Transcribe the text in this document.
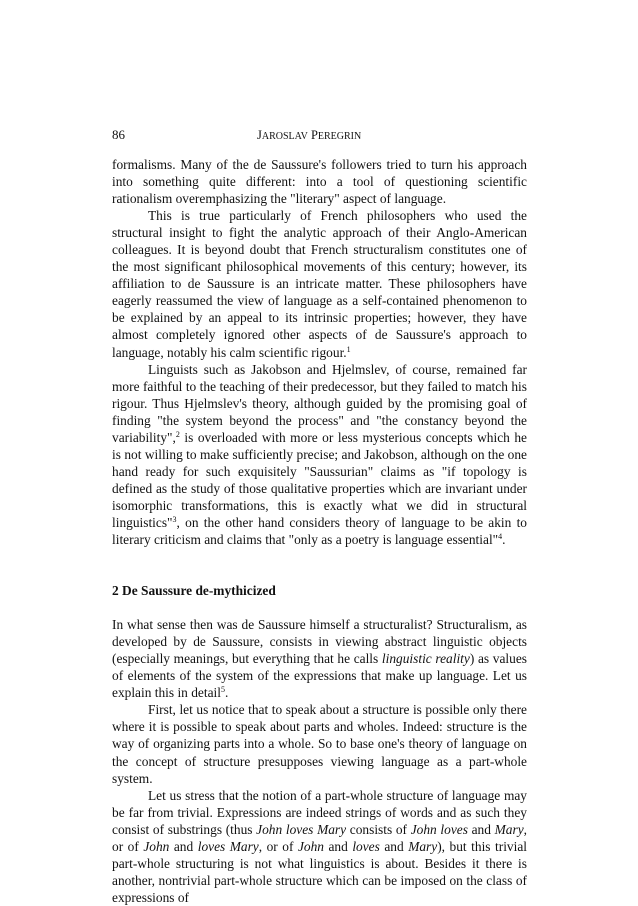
86	JAROSLAV PEREGRIN

formalisms. Many of the de Saussure's followers tried to turn his approach into something quite different: into a tool of questioning scientific rationalism overemphasizing the "literary" aspect of language.

This is true particularly of French philosophers who used the structural insight to fight the analytic approach of their Anglo-American colleagues. It is beyond doubt that French structuralism constitutes one of the most significant philosophical movements of this century; however, its affiliation to de Saussure is an intricate matter. These philosophers have eagerly reassumed the view of language as a self-contained phenomenon to be explained by an appeal to its intrinsic properties; however, they have almost completely ignored other aspects of de Saussure's approach to language, notably his calm scientific rigour.$^1$

Linguists such as Jakobson and Hjelmslev, of course, remained far more faithful to the teaching of their predecessor, but they failed to match his rigour. Thus Hjelmslev's theory, although guided by the promising goal of finding "the system beyond the process" and "the constancy beyond the variability",$^2$ is overloaded with more or less mysterious concepts which he is not willing to make sufficiently precise; and Jakobson, although on the one hand ready for such exquisitely "Saussurian" claims as "if topology is defined as the study of those qualitative properties which are invariant under isomorphic transformations, this is exactly what we did in structural linguistics"$^3$, on the other hand considers theory of language to be akin to literary criticism and claims that "only as a poetry is language essential"$^4$.

2 De Saussure de-mythicized

In what sense then was de Saussure himself a structuralist? Structuralism, as developed by de Saussure, consists in viewing abstract linguistic objects (especially meanings, but everything that he calls linguistic reality) as values of elements of the system of the expressions that make up language. Let us explain this in detail$^5$.

First, let us notice that to speak about a structure is possible only there where it is possible to speak about parts and wholes. Indeed: structure is the way of organizing parts into a whole. So to base one's theory of language on the concept of structure presupposes viewing language as a part-whole system.

Let us stress that the notion of a part-whole structure of language may be far from trivial. Expressions are indeed strings of words and as such they consist of substrings (thus John loves Mary consists of John loves and Mary, or of John and loves Mary, or of John and loves and Mary), but this trivial part-whole structuring is not what linguistics is about. Besides it there is another, nontrivial part-whole structure which can be imposed on the class of expressions of
